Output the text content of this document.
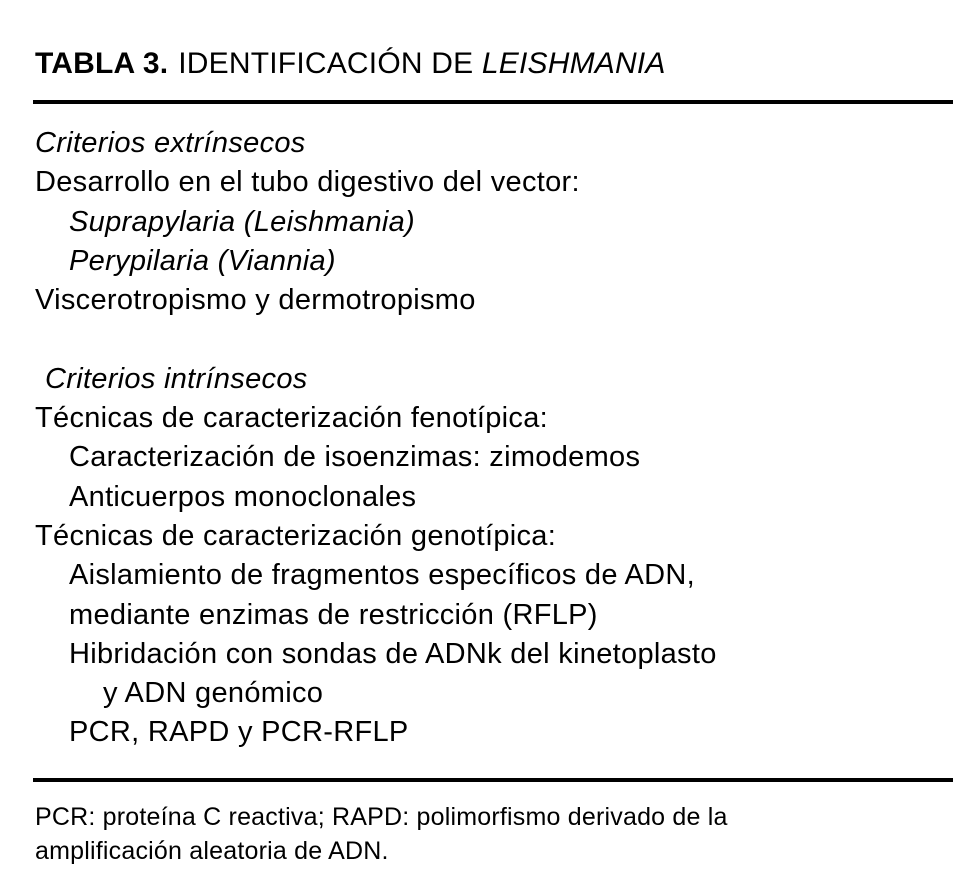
TABLA 3. IDENTIFICACIÓN DE LEISHMANIA
Criterios extrínsecos
Desarrollo en el tubo digestivo del vector:
Suprapylaria (Leishmania)
Perypilaria (Viannia)
Viscerotropismo y dermotropismo
Criterios intrínsecos
Técnicas de caracterización fenotípica:
Caracterización de isoenzimas: zimodemos
Anticuerpos monoclonales
Técnicas de caracterización genotípica:
Aislamiento de fragmentos específicos de ADN,
mediante enzimas de restricción (RFLP)
Hibridación con sondas de ADNk del kinetoplasto
y ADN genómico
PCR, RAPD y PCR-RFLP
PCR: proteína C reactiva; RAPD: polimorfismo derivado de la
amplificación aleatoria de ADN.
